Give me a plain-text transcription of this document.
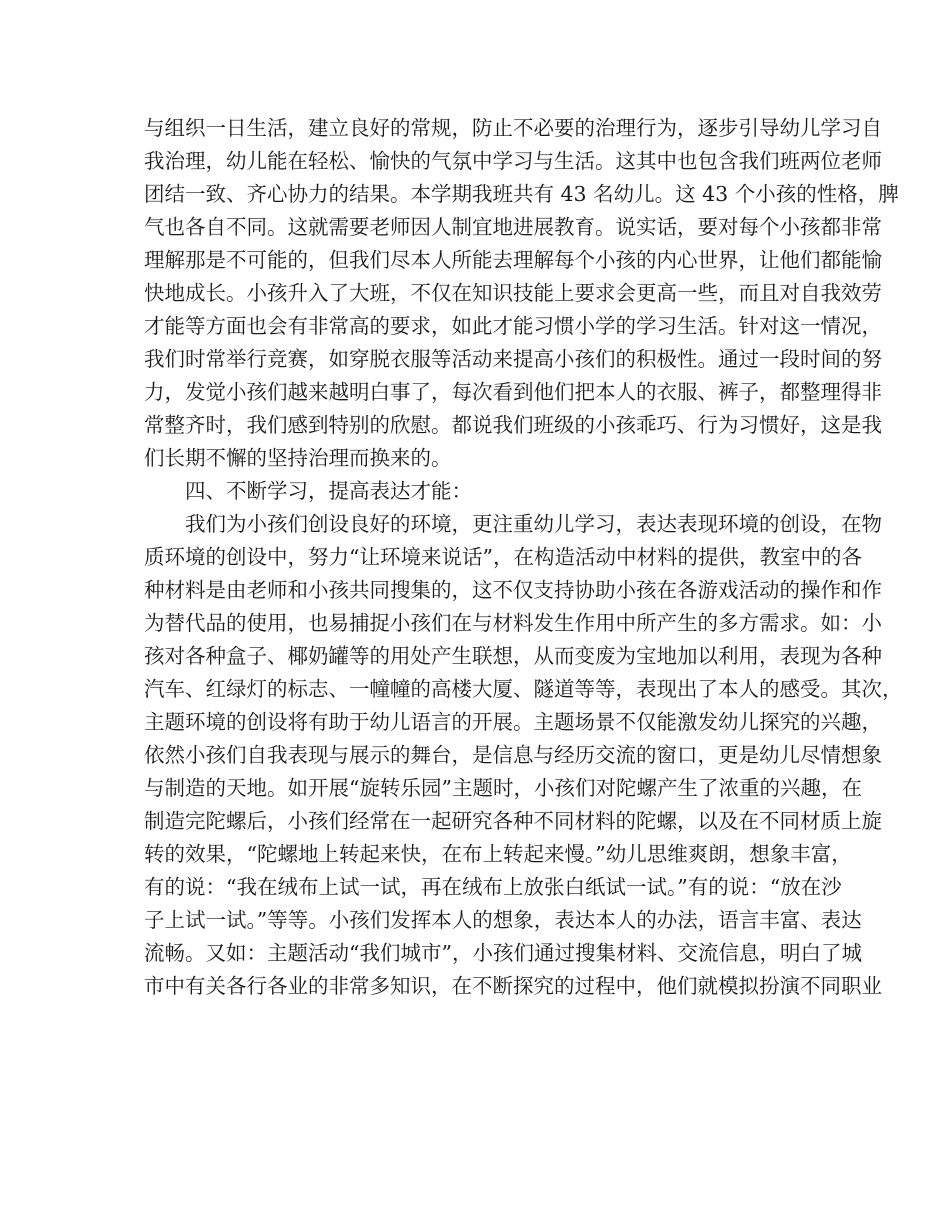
与组织一日生活，建立良好的常规，防止不必要的治理行为，逐步引导幼儿学习自
我治理，幼儿能在轻松、愉快的气氛中学习与生活。这其中也包含我们班两位老师
团结一致、齐心协力的结果。本学期我班共有 43 名幼儿。这 43 个小孩的性格，脾
气也各自不同。这就需要老师因人制宜地进展教育。说实话，要对每个小孩都非常
理解那是不可能的，但我们尽本人所能去理解每个小孩的内心世界，让他们都能愉
快地成长。小孩升入了大班，不仅在知识技能上要求会更高一些，而且对自我效劳
才能等方面也会有非常高的要求，如此才能习惯小学的学习生活。针对这一情况，
我们时常举行竞赛，如穿脱衣服等活动来提高小孩们的积极性。通过一段时间的努
力，发觉小孩们越来越明白事了，每次看到他们把本人的衣服、裤子，都整理得非
常整齐时，我们感到特别的欣慰。都说我们班级的小孩乖巧、行为习惯好，这是我
们长期不懈的坚持治理而换来的。
四、不断学习，提高表达才能：
我们为小孩们创设良好的环境，更注重幼儿学习，表达表现环境的创设，在物
质环境的创设中，努力“让环境来说话”，在构造活动中材料的提供，教室中的各
种材料是由老师和小孩共同搜集的，这不仅支持协助小孩在各游戏活动的操作和作
为替代品的使用，也易捕捉小孩们在与材料发生作用中所产生的多方需求。如：小
孩对各种盒子、椰奶罐等的用处产生联想，从而变废为宝地加以利用，表现为各种
汽车、红绿灯的标志、一幢幢的高楼大厦、隧道等等，表现出了本人的感受。其次，
主题环境的创设将有助于幼儿语言的开展。主题场景不仅能激发幼儿探究的兴趣，
依然小孩们自我表现与展示的舞台，是信息与经历交流的窗口，更是幼儿尽情想象
与制造的天地。如开展“旋转乐园”主题时，小孩们对陀螺产生了浓重的兴趣，在
制造完陀螺后，小孩们经常在一起研究各种不同材料的陀螺，以及在不同材质上旋
转的效果，“陀螺地上转起来快，在布上转起来慢。”幼儿思维爽朗，想象丰富，
有的说：“我在绒布上试一试，再在绒布上放张白纸试一试。”有的说：“放在沙
子上试一试。”等等。小孩们发挥本人的想象，表达本人的办法，语言丰富、表达
流畅。又如：主题活动“我们城市”，小孩们通过搜集材料、交流信息，明白了城
市中有关各行各业的非常多知识，在不断探究的过程中，他们就模拟扮演不同职业
